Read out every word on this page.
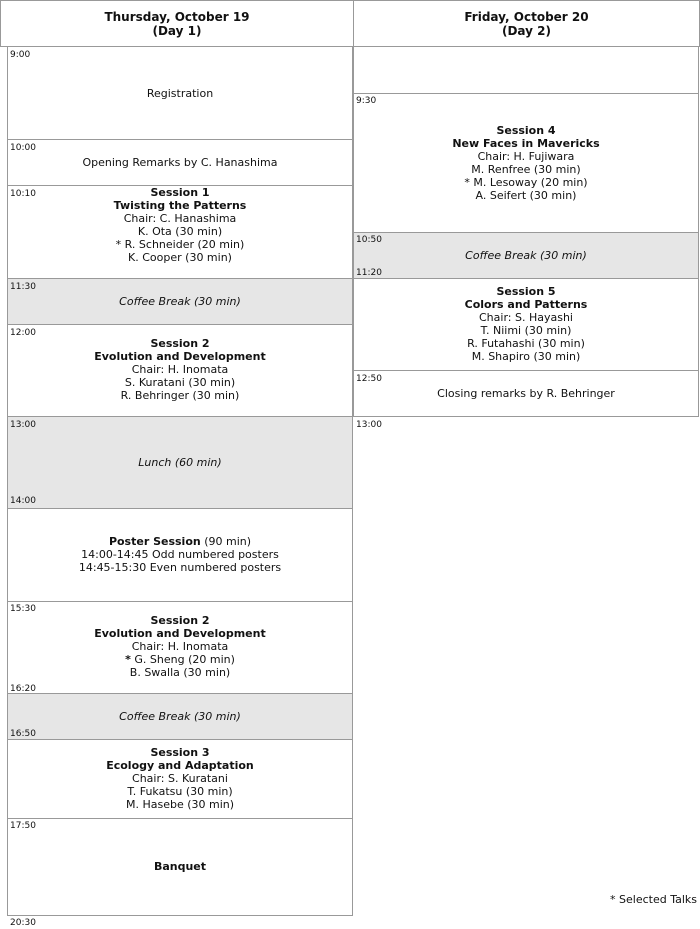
Thursday, October 19
(Day 1)
Friday, October 20
(Day 2)
Registration
Opening Remarks by C. Hanashima
Session 1
Twisting the Patterns
Chair: C. Hanashima
K. Ota (30 min)
* R. Schneider (20 min)
K. Cooper (30 min)
Coffee Break (30 min)
Session 2
Evolution and Development
Chair: H. Inomata
S. Kuratani (30 min)
R. Behringer (30 min)
Lunch (60 min)
Poster Session (90 min)
14:00-14:45 Odd numbered posters
14:45-15:30 Even numbered posters
Session 2
Evolution and Development
Chair: H. Inomata
* G. Sheng (20 min)
B. Swalla (30 min)
Coffee Break (30 min)
Session 3
Ecology and Adaptation
Chair: S. Kuratani
T. Fukatsu (30 min)
M. Hasebe (30 min)
Banquet
9:00
10:00
10:10
11:30
12:00
13:00
14:00
15:30
16:20
16:50
17:50
20:30
Session 4
New Faces in Mavericks
Chair: H. Fujiwara
M. Renfree (30 min)
* M. Lesoway (20 min)
A. Seifert (30 min)
Coffee Break (30 min)
Session 5
Colors and Patterns
Chair: S. Hayashi
T. Niimi (30 min)
R. Futahashi (30 min)
M. Shapiro (30 min)
Closing remarks by R. Behringer
9:30
10:50
11:20
12:50
13:00
* Selected Talks
